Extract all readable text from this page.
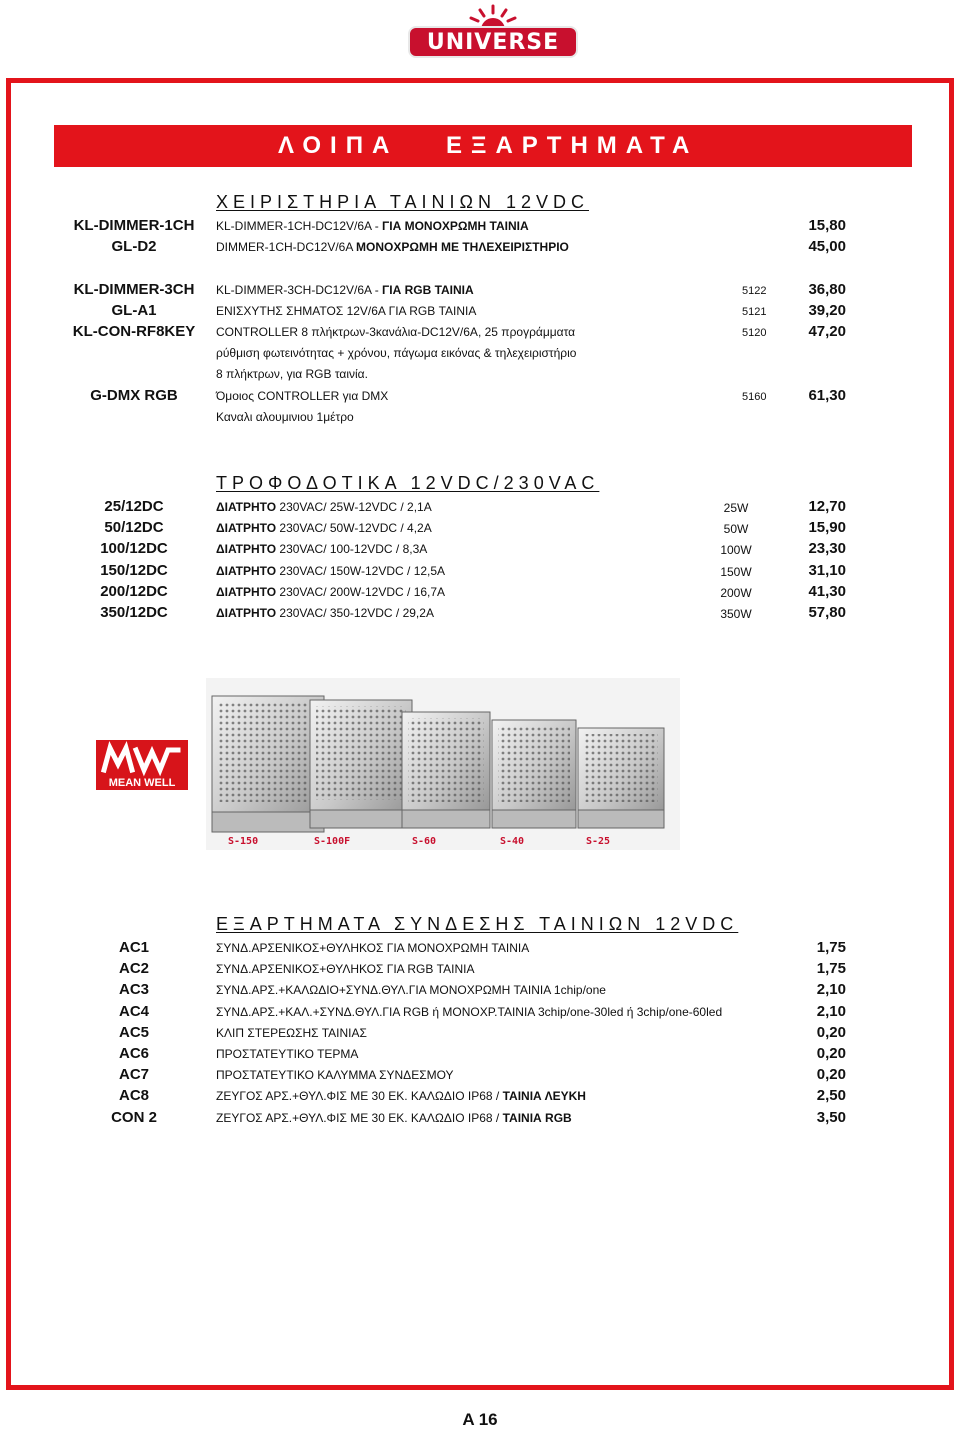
UNIVERSE
ΛΟΙΠΑ ΕΞΑΡΤΗΜΑΤΑ
ΧΕΙΡΙΣΤΗΡΙΑ ΤΑΙΝΙΩΝ 12VDC
KL-DIMMER-1CH	KL-DIMMER-1CH-DC12V/6A - ΓΙΑ ΜΟΝΟΧΡΩΜΗ ΤΑΙΝΙΑ	15,80
GL-D2	DIMMER-1CH-DC12V/6A ΜΟΝΟΧΡΩΜΗ ΜΕ ΤΗΛΕΧΕΙΡΙΣΤΗΡΙΟ	45,00
KL-DIMMER-3CH	KL-DIMMER-3CH-DC12V/6A - ΓΙΑ RGB ΤΑΙΝΙΑ	5122	36,80
GL-A1	ΕΝΙΣΧΥΤΗΣ ΣΗΜΑΤΟΣ 12V/6A ΓΙΑ RGB ΤΑΙΝΙΑ	5121	39,20
KL-CON-RF8KEY	CONTROLLER 8 πλήκτρων-3κανάλια-DC12V/6A, 25 προγράμματα	5120	47,20
ρύθμιση φωτεινότητας + χρόνου, πάγωμα εικόνας & τηλεχειριστήριο
8 πλήκτρων, για RGB ταινία.
G-DMX RGB	Όμοιος CONTROLLER για DMX	5160	61,30
Καναλι αλουμινιου 1μέτρο
ΤΡΟΦΟΔΟΤΙΚΑ 12VDC/230VAC
25/12DC	ΔΙΑΤΡΗΤΟ 230VAC/ 25W-12VDC / 2,1A	25W	12,70
50/12DC	ΔΙΑΤΡΗΤΟ 230VAC/ 50W-12VDC / 4,2A	50W	15,90
100/12DC	ΔΙΑΤΡΗΤΟ 230VAC/ 100-12VDC / 8,3A	100W	23,30
150/12DC	ΔΙΑΤΡΗΤΟ 230VAC/ 150W-12VDC / 12,5A	150W	31,10
200/12DC	ΔΙΑΤΡΗΤΟ 230VAC/ 200W-12VDC / 16,7A	200W	41,30
350/12DC	ΔΙΑΤΡΗΤΟ 230VAC/ 350-12VDC / 29,2A	350W	57,80
MEAN WELL
S-150	S-100F	S-60	S-40	S-25
ΕΞΑΡΤΗΜΑΤΑ ΣΥΝΔΕΣΗΣ ΤΑΙΝΙΩΝ 12VDC
AC1	ΣΥΝΔ.ΑΡΣΕΝΙΚΟΣ+ΘΥΛΗΚΟΣ ΓΙΑ ΜΟΝΟΧΡΩΜΗ ΤΑΙΝΙΑ	1,75
AC2	ΣΥΝΔ.ΑΡΣΕΝΙΚΟΣ+ΘΥΛΗΚΟΣ ΓΙΑ RGB ΤΑΙΝΙΑ	1,75
AC3	ΣΥΝΔ.ΑΡΣ.+ΚΑΛΩΔΙΟ+ΣΥΝΔ.ΘΥΛ.ΓΙΑ ΜΟΝΟΧΡΩΜΗ ΤΑΙΝΙΑ 1chip/one	2,10
AC4	ΣΥΝΔ.ΑΡΣ.+ΚΑΛ.+ΣΥΝΔ.ΘΥΛ.ΓΙΑ RGB ή ΜΟΝΟΧΡ.ΤΑΙΝΙΑ 3chip/one-30led ή 3chip/one-60led	2,10
AC5	ΚΛΙΠ ΣΤΕΡΕΩΣΗΣ ΤΑΙΝΙΑΣ	0,20
AC6	ΠΡΟΣΤΑΤΕΥΤΙΚΟ ΤΕΡΜΑ	0,20
AC7	ΠΡΟΣΤΑΤΕΥΤΙΚΟ ΚΑΛΥΜΜΑ ΣΥΝΔΕΣΜΟΥ	0,20
AC8	ΖΕΥΓΟΣ ΑΡΣ.+ΘΥΛ.ΦΙΣ ΜΕ 30 ΕΚ. ΚΑΛΩΔΙΟ IP68 / ΤΑΙΝΙΑ ΛΕΥΚΗ	2,50
CON 2	ΖΕΥΓΟΣ ΑΡΣ.+ΘΥΛ.ΦΙΣ ΜΕ 30 ΕΚ. ΚΑΛΩΔΙΟ IP68 / ΤΑΙΝΙΑ RGB	3,50
A 16
